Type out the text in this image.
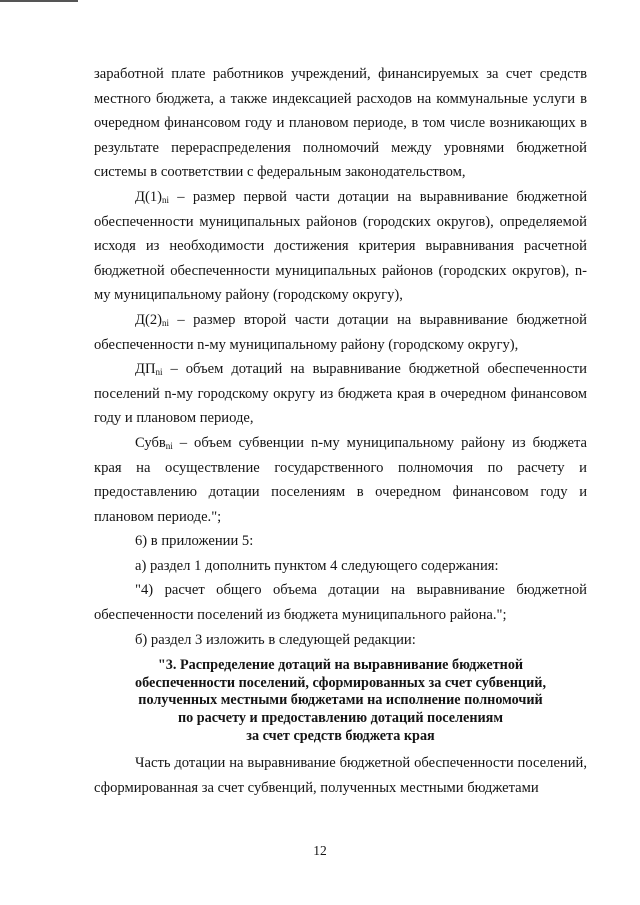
заработной плате работников учреждений, финансируемых за счет средств местного бюджета, а также индексацией расходов на коммунальные услуги в очередном финансовом году и плановом периоде, в том числе возникающих в результате перераспределения полномочий между уровнями бюджетной системы в соответствии с федеральным законодательством,

$Д(1)_{ni}$ – размер первой части дотации на выравнивание бюджетной обеспеченности муниципальных районов (городских округов), определяемой исходя из необходимости достижения критерия выравнивания расчетной бюджетной обеспеченности муниципальных районов (городских округов), n-му муниципальному району (городскому округу),

$Д(2)_{ni}$ – размер второй части дотации на выравнивание бюджетной обеспеченности n-му муниципальному району (городскому округу),

$ДП_{ni}$ – объем дотаций на выравнивание бюджетной обеспеченности поселений n-му городскому округу из бюджета края в очередном финансовом году и плановом периоде,

Субв$_{ni}$ – объем субвенции n-му муниципальному району из бюджета края на осуществление государственного полномочия по расчету и предоставлению дотации поселениям в очередном финансовом году и плановом периоде.";

6) в приложении 5:

а) раздел 1 дополнить пунктом 4 следующего содержания:

"4) расчет общего объема дотации на выравнивание бюджетной обеспеченности поселений из бюджета муниципального района.";

б) раздел 3 изложить в следующей редакции:

"3. Распределение дотаций на выравнивание бюджетной
обеспеченности поселений, сформированных за счет субвенций,
полученных местными бюджетами на исполнение полномочий
по расчету и предоставлению дотаций поселениям
за счет средств бюджета края

Часть дотации на выравнивание бюджетной обеспеченности поселений, сформированная за счет субвенций, полученных местными бюджетами

12
